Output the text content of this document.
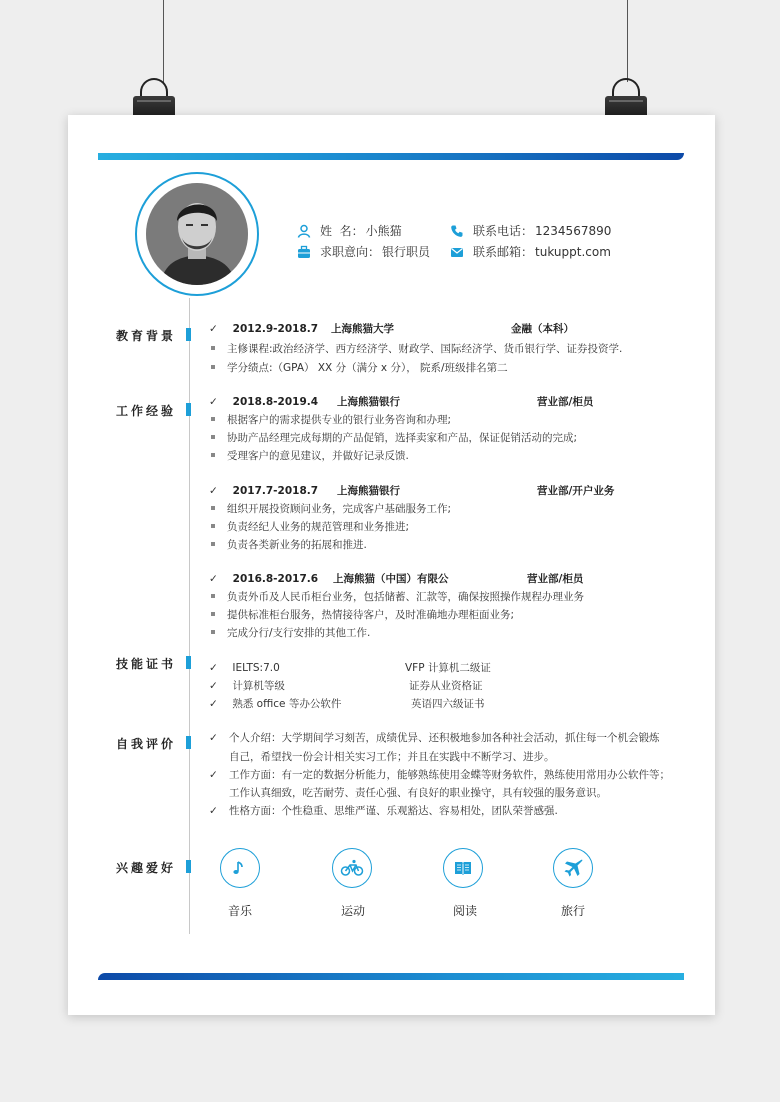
姓  名： 小熊猫
求职意向： 银行职员
联系电话： 1234567890
联系邮箱： tukuppt.com
教育背景	✓ 2012.9-2018.7 上海熊猫大学	金融（本科）
主修课程:政治经济学、西方经济学、财政学、国际经济学、货币银行学、证券投资学.
学分绩点:（GPA） XX 分（满分 x 分）， 院系/班级排名第二
工作经验
✓ 2018.8-2019.4 上海熊猫银行	营业部/柜员
根据客户的需求提供专业的银行业务咨询和办理;
协助产品经理完成每期的产品促销，选择卖家和产品，保证促销活动的完成;
受理客户的意见建议，并做好记录反馈.
✓ 2017.7-2018.7 上海熊猫银行	营业部/开户业务
组织开展投资顾问业务，完成客户基础服务工作;
负责经纪人业务的规范管理和业务推进;
负责各类新业务的拓展和推进.
✓ 2016.8-2017.6 上海熊猫（中国）有限公	营业部/柜员
负责外币及人民币柜台业务，包括储蓄、汇款等，确保按照操作规程办理业务
提供标准柜台服务，热情接待客户，及时准确地办理柜面业务;
完成分行/支行安排的其他工作.
技能证书	✓ IELTS:7.0	VFP 计算机二级证
✓ 计算机等级	证券从业资格证
✓ 熟悉 office 等办公软件	英语四六级证书
自我评价	✓ 个人介绍：大学期间学习刻苦，成绩优异、还积极地参加各种社会活动，抓住每一个机会锻炼
自己，希望找一份会计相关实习工作；并且在实践中不断学习、进步。
✓ 工作方面：有一定的数据分析能力，能够熟练使用金蝶等财务软件，熟练使用常用办公软件等；
工作认真细致，吃苦耐劳、责任心强、有良好的职业操守，具有较强的服务意识。
✓ 性格方面：个性稳重、思维严谨、乐观豁达、容易相处，团队荣誉感强.
兴趣爱好
音乐	运动	阅读	旅行
